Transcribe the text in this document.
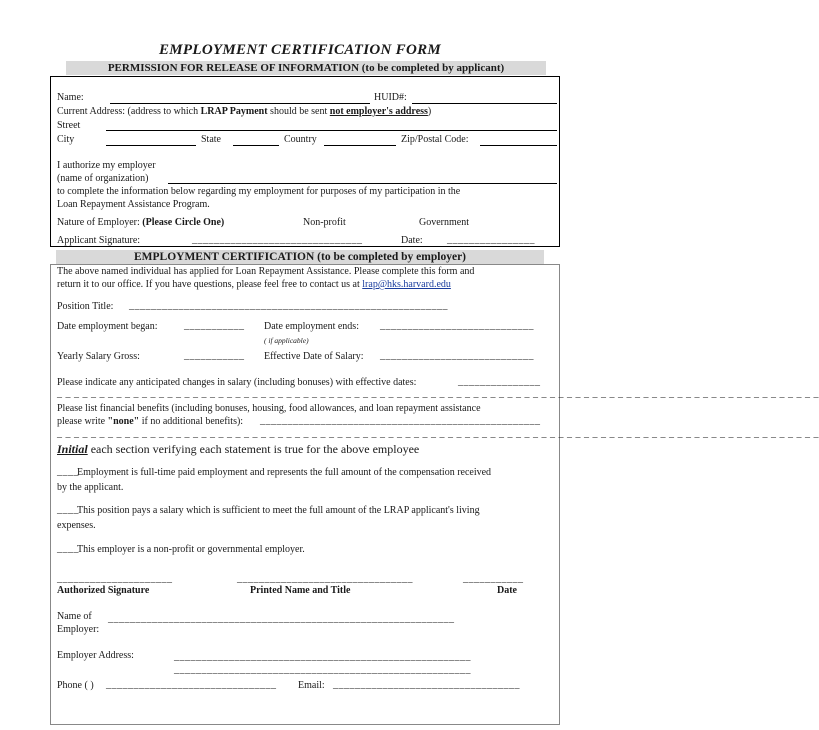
EMPLOYMENT CERTIFICATION FORM
PERMISSION FOR RELEASE OF INFORMATION (to be completed by applicant)
Name:	HUID#:
Current Address: (address to which LRAP Payment should be sent not employer's address)
Street
City	State	Country	Zip/Postal Code:
I authorize my employer
(name of organization)
to complete the information below regarding my employment for purposes of my participation in the
Loan Repayment Assistance Program.
Nature of Employer: (Please Circle One)	Non-profit	Government
Applicant Signature:	_______________________________	Date: ________________
EMPLOYMENT CERTIFICATION (to be completed by employer)
The above named individual has applied for Loan Repayment Assistance. Please complete this form and
return it to our office. If you have questions, please feel free to contact us at lrap@hks.harvard.edu
Position Title: __________________________________________________________
Date employment began:	___________	Date employment ends: ____________________________
( if applicable)
Yearly Salary Gross:	___________	Effective Date of Salary: ____________________________
Please indicate any anticipated changes in salary (including bonuses) with effective dates:	_______________
_ _ _ _ _ _ _ _ _ _ _ _ _ _ _ _ _ _ _ _ _ _ _ _ _ _ _ _ _ _ _ _ _ _ _ _ _ _ _ _ _ _ _ _ _ _ _ _ _ _ _ _ _ _ _ _ _ _ _ _ _ _ _ _ _ _ _ _ _ _ _ _ _ _ _ _ _ _ _ _ _ _ _ _ _ _ _ _ _ _
Please list financial benefits (including bonuses, housing, food allowances, and loan repayment assistance
please write "none" if no additional benefits): ___________________________________________________
_ _ _ _ _ _ _ _ _ _ _ _ _ _ _ _ _ _ _ _ _ _ _ _ _ _ _ _ _ _ _ _ _ _ _ _ _ _ _ _ _ _ _ _ _ _ _ _ _ _ _ _ _ _ _ _ _ _ _ _ _ _ _ _ _ _ _ _ _ _ _ _ _ _ _ _ _ _ _ _ _ _ _ _ _ _ _ _ _ _
Initial each section verifying each statement is true for the above employee
____
Employment is full-time paid employment and represents the full amount of the compensation received
by the applicant.
____
This position pays a salary which is sufficient to meet the full amount of the LRAP applicant's living
expenses.
____
This employer is a non-profit or governmental employer.
_____________________	________________________________	___________
Authorized Signature	Printed Name and Title	Date
Name of
Employer:
_______________________________________________________________
Employer Address:	______________________________________________________
______________________________________________________
Phone ( ) _______________________________	Email: __________________________________
